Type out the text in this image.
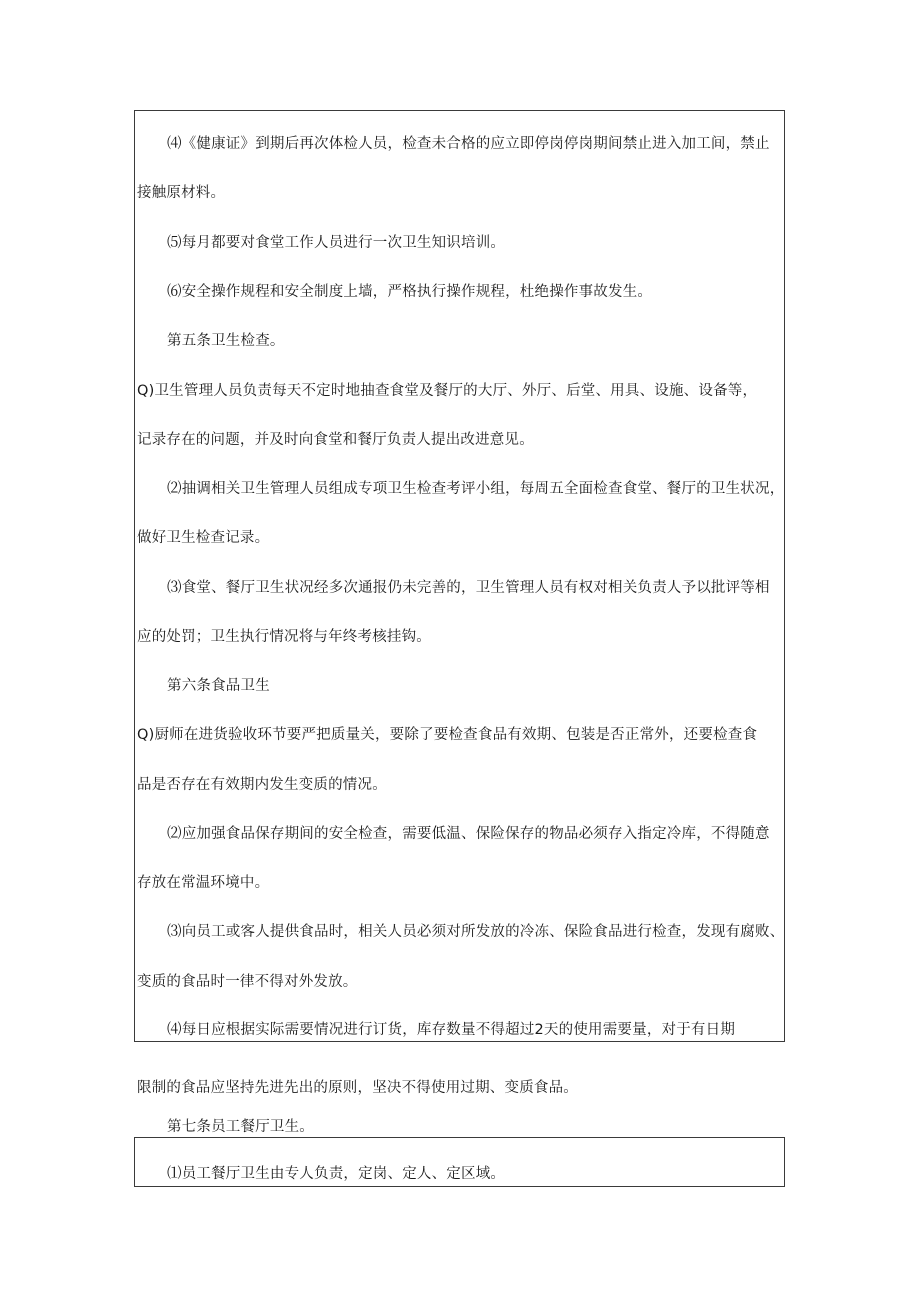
⑷《健康证》到期后再次体检人员，检查未合格的应立即停岗停岗期间禁止进入加工间，禁止
接触原材料。
⑸每月都要对食堂工作人员进行一次卫生知识培训。
⑹安全操作规程和安全制度上墙，严格执行操作规程，杜绝操作事故发生。
第五条卫生检查。
Q)卫生管理人员负责每天不定时地抽查食堂及餐厅的大厅、外厅、后堂、用具、设施、设备等，
记录存在的问题，并及时向食堂和餐厅负责人提出改进意见。
⑵抽调相关卫生管理人员组成专项卫生检查考评小组，每周五全面检查食堂、餐厅的卫生状况，
做好卫生检查记录。
⑶食堂、餐厅卫生状况经多次通报仍未完善的，卫生管理人员有权对相关负责人予以批评等相
应的处罚；卫生执行情况将与年终考核挂钩。
第六条食品卫生
Q)厨师在进货验收环节要严把质量关，要除了要检查食品有效期、包装是否正常外，还要检查食
品是否存在有效期内发生变质的情况。
⑵应加强食品保存期间的安全检查，需要低温、保险保存的物品必须存入指定冷库，不得随意
存放在常温环境中。
⑶向员工或客人提供食品时，相关人员必须对所发放的冷冻、保险食品进行检查，发现有腐败、
变质的食品时一律不得对外发放。
⑷每日应根据实际需要情况进行订货，库存数量不得超过2天的使用需要量，对于有日期
限制的食品应坚持先进先出的原则，坚决不得使用过期、变质食品。
第七条员工餐厅卫生。
⑴员工餐厅卫生由专人负责，定岗、定人、定区域。
